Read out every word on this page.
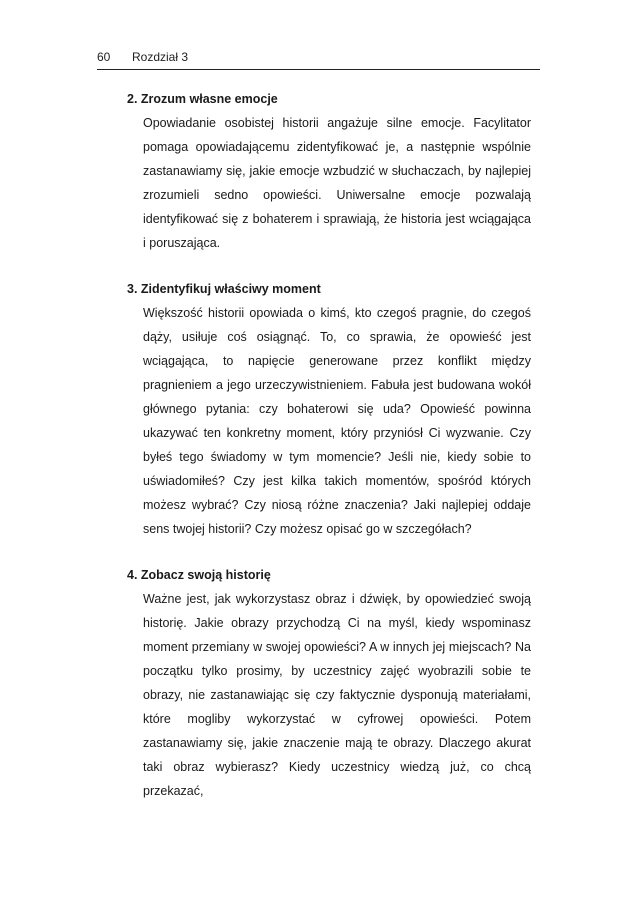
60 Rozdział 3
2. Zrozum własne emocje

Opowiadanie osobistej historii angażuje silne emocje. Facylitator pomaga opowiadającemu zidentyfikować je, a następnie wspólnie zastanawiamy się, jakie emocje wzbudzić w słuchaczach, by najlepiej zrozumieli sedno opowieści. Uniwersalne emocje pozwalają identyfikować się z bohaterem i sprawiają, że historia jest wciągająca i poruszająca.

3. Zidentyfikuj właściwy moment

Większość historii opowiada o kimś, kto czegoś pragnie, do czegoś dąży, usiłuje coś osiągnąć. To, co sprawia, że opowieść jest wciągająca, to napięcie generowane przez konflikt między pragnieniem a jego urzeczywistnieniem. Fabuła jest budowana wokół głównego pytania: czy bohaterowi się uda? Opowieść powinna ukazywać ten konkretny moment, który przyniósł Ci wyzwanie. Czy byłeś tego świadomy w tym momencie? Jeśli nie, kiedy sobie to uświadomiłeś? Czy jest kilka takich momentów, spośród których możesz wybrać? Czy niosą różne znaczenia? Jaki najlepiej oddaje sens twojej historii? Czy możesz opisać go w szczegółach?

4. Zobacz swoją historię

Ważne jest, jak wykorzystasz obraz i dźwięk, by opowiedzieć swoją historię. Jakie obrazy przychodzą Ci na myśl, kiedy wspominasz moment przemiany w swojej opowieści? A w innych jej miejscach? Na początku tylko prosimy, by uczestnicy zajęć wyobrazili sobie te obrazy, nie zastanawiając się czy faktycznie dysponują materiałami, które mogliby wykorzystać w cyfrowej opowieści. Potem zastanawiamy się, jakie znaczenie mają te obrazy. Dlaczego akurat taki obraz wybierasz? Kiedy uczestnicy wiedzą już, co chcą przekazać,
